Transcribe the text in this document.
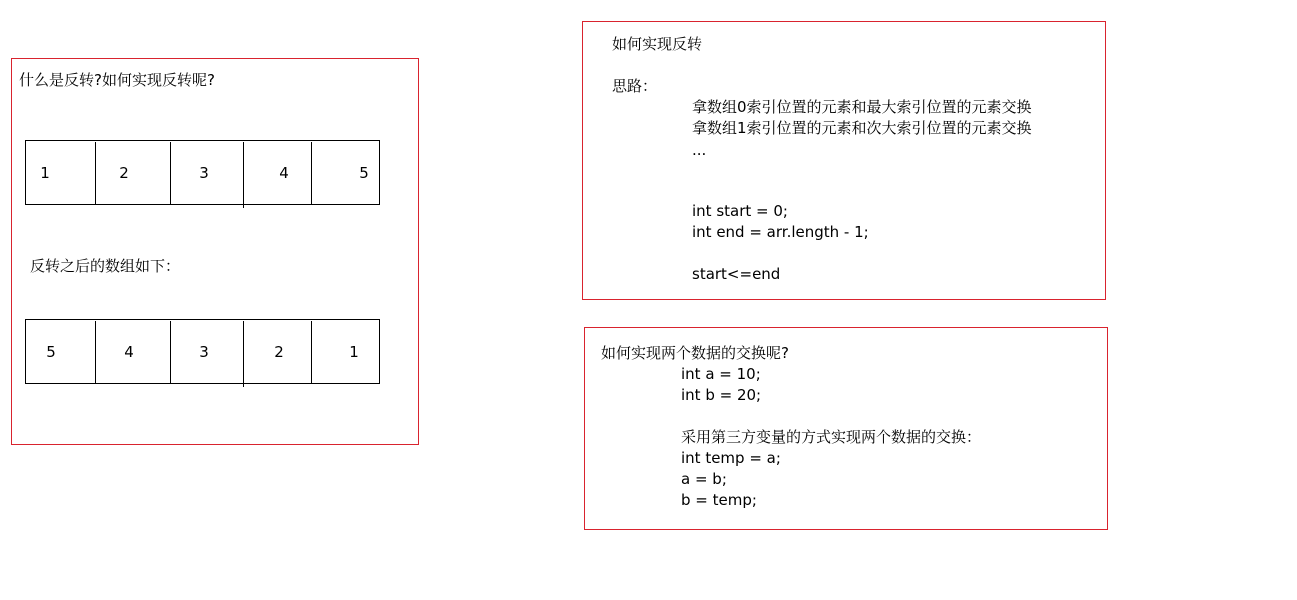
什么是反转?如何实现反转呢?
1	2	3	4	5
反转之后的数组如下：
5	4	3	2	1
如何实现反转
思路：
拿数组0索引位置的元素和最大索引位置的元素交换
拿数组1索引位置的元素和次大索引位置的元素交换
...
int start = 0;
int end = arr.length - 1;
start<=end
如何实现两个数据的交换呢?
int a = 10;
int b = 20;
采用第三方变量的方式实现两个数据的交换：
int temp = a;
a = b;
b = temp;
